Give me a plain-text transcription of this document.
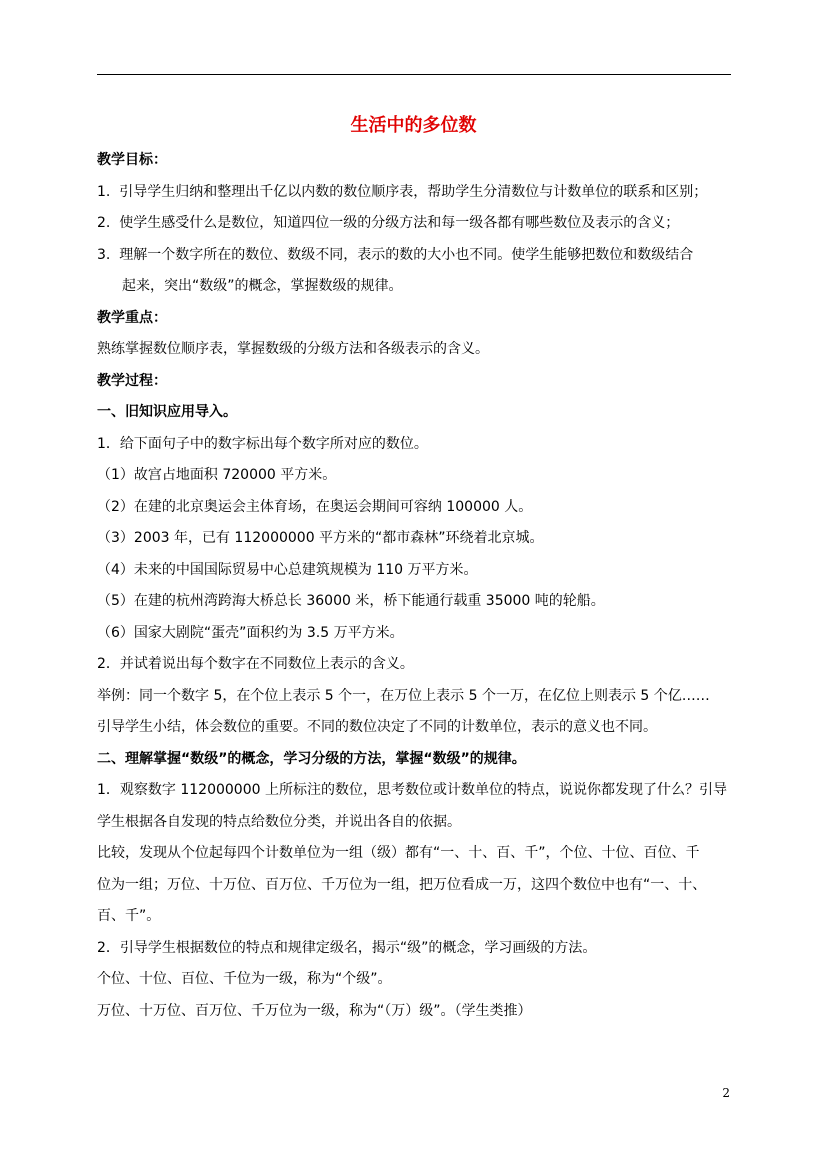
生活中的多位数

教学目标：

1. 引导学生归纳和整理出千亿以内数的数位顺序表，帮助学生分清数位与计数单位的联系和区别；

2. 使学生感受什么是数位，知道四位一级的分级方法和每一级各都有哪些数位及表示的含义；

3. 理解一个数字所在的数位、数级不同，表示的数的大小也不同。使学生能够把数位和数级结合

起来，突出“数级”的概念，掌握数级的规律。

教学重点：

熟练掌握数位顺序表，掌握数级的分级方法和各级表示的含义。

教学过程：

一、旧知识应用导入。

1．给下面句子中的数字标出每个数字所对应的数位。

（1）故宫占地面积 720000 平方米。

（2）在建的北京奥运会主体育场，在奥运会期间可容纳 100000 人。

（3）2003 年，已有 112000000 平方米的“都市森林”环绕着北京城。

（4）未来的中国国际贸易中心总建筑规模为 110 万平方米。

（5）在建的杭州湾跨海大桥总长 36000 米，桥下能通行载重 35000 吨的轮船。

（6）国家大剧院“蛋壳”面积约为 3.5 万平方米。

2．并试着说出每个数字在不同数位上表示的含义。

举例：同一个数字 5，在个位上表示 5 个一，在万位上表示 5 个一万，在亿位上则表示 5 个亿……

引导学生小结，体会数位的重要。不同的数位决定了不同的计数单位，表示的意义也不同。

二、理解掌握“数级”的概念，学习分级的方法，掌握“数级”的规律。

1．观察数字 112000000 上所标注的数位，思考数位或计数单位的特点，说说你都发现了什么？引导

学生根据各自发现的特点给数位分类，并说出各自的依据。

比较，发现从个位起每四个计数单位为一组（级）都有“一、十、百、千”，个位、十位、百位、千

位为一组；万位、十万位、百万位、千万位为一组，把万位看成一万，这四个数位中也有“一、十、

百、千”。

2．引导学生根据数位的特点和规律定级名，揭示“级”的概念，学习画级的方法。

个位、十位、百位、千位为一级，称为“个级”。

万位、十万位、百万位、千万位为一级，称为“（万）级”。（学生类推）

2
